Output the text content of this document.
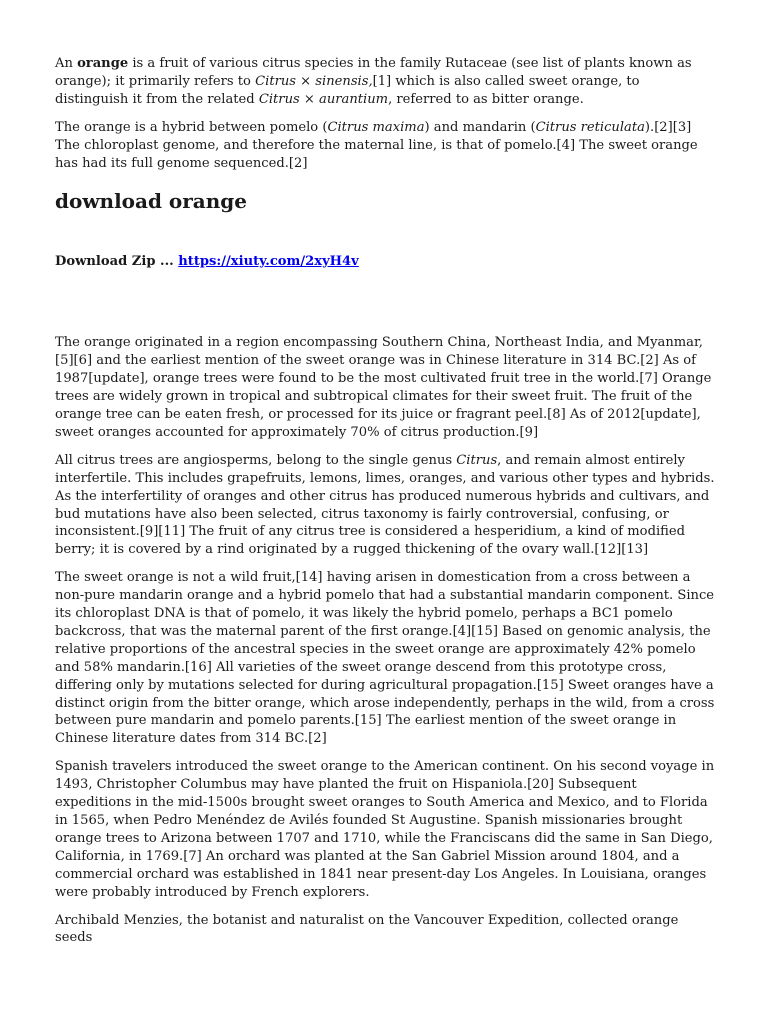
An orange is a fruit of various citrus species in the family Rutaceae (see list of plants known as orange); it primarily refers to Citrus × sinensis,[1] which is also called sweet orange, to distinguish it from the related Citrus × aurantium, referred to as bitter orange.

The orange is a hybrid between pomelo (Citrus maxima) and mandarin (Citrus reticulata).[2][3] The chloroplast genome, and therefore the maternal line, is that of pomelo.[4] The sweet orange has had its full genome sequenced.[2]

download orange

Download Zip ... https://xiuty.com/2xyH4v

The orange originated in a region encompassing Southern China, Northeast India, and Myanmar,[5][6] and the earliest mention of the sweet orange was in Chinese literature in 314 BC.[2] As of 1987[update], orange trees were found to be the most cultivated fruit tree in the world.[7] Orange trees are widely grown in tropical and subtropical climates for their sweet fruit. The fruit of the orange tree can be eaten fresh, or processed for its juice or fragrant peel.[8] As of 2012[update], sweet oranges accounted for approximately 70% of citrus production.[9]

All citrus trees are angiosperms, belong to the single genus Citrus, and remain almost entirely interfertile. This includes grapefruits, lemons, limes, oranges, and various other types and hybrids. As the interfertility of oranges and other citrus has produced numerous hybrids and cultivars, and bud mutations have also been selected, citrus taxonomy is fairly controversial, confusing, or inconsistent.[9][11] The fruit of any citrus tree is considered a hesperidium, a kind of modified berry; it is covered by a rind originated by a rugged thickening of the ovary wall.[12][13]

The sweet orange is not a wild fruit,[14] having arisen in domestication from a cross between a non-pure mandarin orange and a hybrid pomelo that had a substantial mandarin component. Since its chloroplast DNA is that of pomelo, it was likely the hybrid pomelo, perhaps a BC1 pomelo backcross, that was the maternal parent of the first orange.[4][15] Based on genomic analysis, the relative proportions of the ancestral species in the sweet orange are approximately 42% pomelo and 58% mandarin.[16] All varieties of the sweet orange descend from this prototype cross, differing only by mutations selected for during agricultural propagation.[15] Sweet oranges have a distinct origin from the bitter orange, which arose independently, perhaps in the wild, from a cross between pure mandarin and pomelo parents.[15] The earliest mention of the sweet orange in Chinese literature dates from 314 BC.[2]

Spanish travelers introduced the sweet orange to the American continent. On his second voyage in 1493, Christopher Columbus may have planted the fruit on Hispaniola.[20] Subsequent expeditions in the mid-1500s brought sweet oranges to South America and Mexico, and to Florida in 1565, when Pedro Menéndez de Avilés founded St Augustine. Spanish missionaries brought orange trees to Arizona between 1707 and 1710, while the Franciscans did the same in San Diego, California, in 1769.[7] An orchard was planted at the San Gabriel Mission around 1804, and a commercial orchard was established in 1841 near present-day Los Angeles. In Louisiana, oranges were probably introduced by French explorers.

Archibald Menzies, the botanist and naturalist on the Vancouver Expedition, collected orange seeds
